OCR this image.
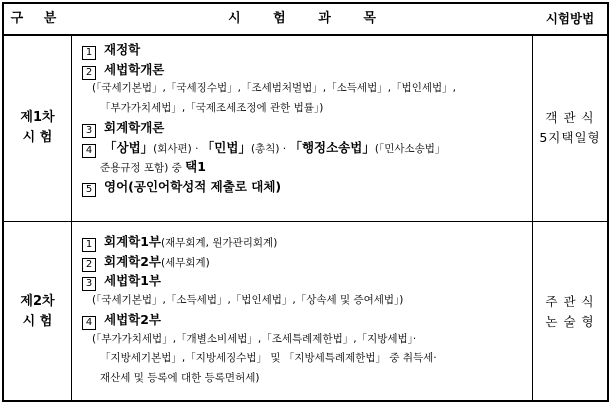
구 분	시 험 과 목	시험방법
제1차
시 험
1 재정학
2 세법학개론
(「국세기본법」,「국세징수법」,「조세범처벌법」,「소득세법」,「법인세법」,
「부가가치세법」,「국제조세조정에 관한 법률」)
3 회계학개론
4 「상법」(회사편) · 「민법」(총칙) · 「행정소송법」(「민사소송법」
준용규정 포함) 중 택1
5 영어(공인어학성적 제출로 대체)
객 관 식
5지택일형
제2차
시 험
1 회계학1부(재무회계, 원가관리회계)
2 회계학2부(세무회계)
3 세법학1부
(「국세기본법」,「소득세법」,「법인세법」,「상속세 및 증여세법」)
4 세법학2부
(「부가가치세법」,「개별소비세법」,「조세특례제한법」,「지방세법」·
「지방세기본법」,「지방세징수법」 및 「지방세특례제한법」 중 취득세·
재산세 및 등록에 대한 등록면허세)
주 관 식
논 술 형
